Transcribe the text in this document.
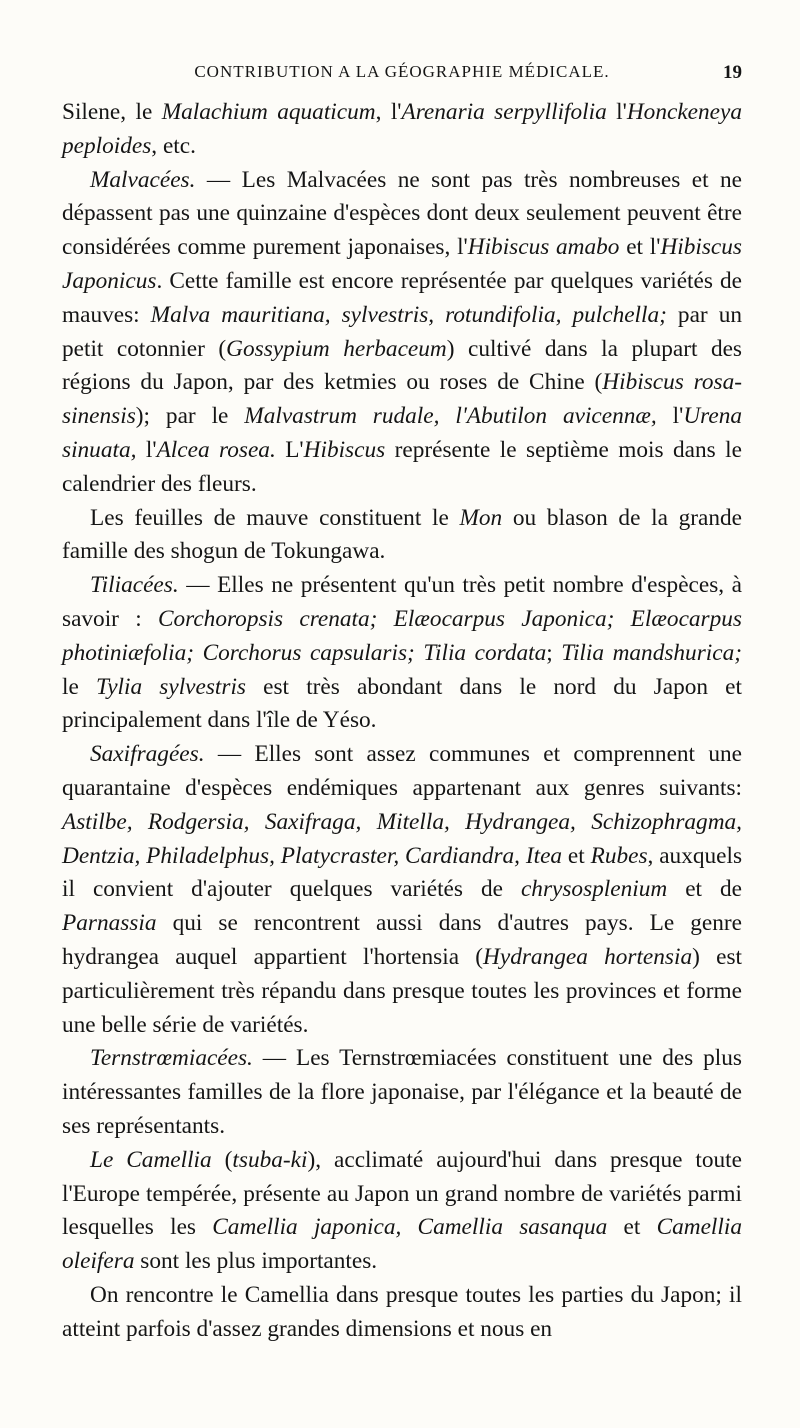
CONTRIBUTION A LA GÉOGRAPHIE MÉDICALE.	19

Silene, le Malachium aquaticum, l'Arenaria serpyllifolia l'Honckeneya peploides, etc.

Malvacées. — Les Malvacées ne sont pas très nombreuses et ne dépassent pas une quinzaine d'espèces dont deux seulement peuvent être considérées comme purement japonaises, l'Hibiscus amabo et l'Hibiscus Japonicus. Cette famille est encore représentée par quelques variétés de mauves: Malva mauritiana, sylvestris, rotundifolia, pulchella; par un petit cotonnier (Gossypium herbaceum) cultivé dans la plupart des régions du Japon, par des ketmies ou roses de Chine (Hibiscus rosa-sinensis); par le Malvastrum rudale, l'Abutilon avicennæ, l'Urena sinuata, l'Alcea rosea. L'Hibiscus représente le septième mois dans le calendrier des fleurs.

Les feuilles de mauve constituent le Mon ou blason de la grande famille des shogun de Tokungawa.

Tiliacées. — Elles ne présentent qu'un très petit nombre d'espèces, à savoir : Corchoropsis crenata; Elæocarpus Japonica; Elæocarpus photiniæfolia; Corchorus capsularis; Tilia cordata; Tilia mandshurica; le Tylia sylvestris est très abondant dans le nord du Japon et principalement dans l'île de Yéso.

Saxifragées. — Elles sont assez communes et comprennent une quarantaine d'espèces endémiques appartenant aux genres suivants: Astilbe, Rodgersia, Saxifraga, Mitella, Hydrangea, Schizophragma, Dentzia, Philadelphus, Platycraster, Cardiandra, Itea et Rubes, auxquels il convient d'ajouter quelques variétés de chrysosplenium et de Parnassia qui se rencontrent aussi dans d'autres pays. Le genre hydrangea auquel appartient l'hortensia (Hydrangea hortensia) est particulièrement très répandu dans presque toutes les provinces et forme une belle série de variétés.

Ternstrœmiacées. — Les Ternstrœmiacées constituent une des plus intéressantes familles de la flore japonaise, par l'élégance et la beauté de ses représentants.

Le Camellia (tsuba-ki), acclimaté aujourd'hui dans presque toute l'Europe tempérée, présente au Japon un grand nombre de variétés parmi lesquelles les Camellia japonica, Camellia sasanqua et Camellia oleifera sont les plus importantes.

On rencontre le Camellia dans presque toutes les parties du Japon; il atteint parfois d'assez grandes dimensions et nous en
